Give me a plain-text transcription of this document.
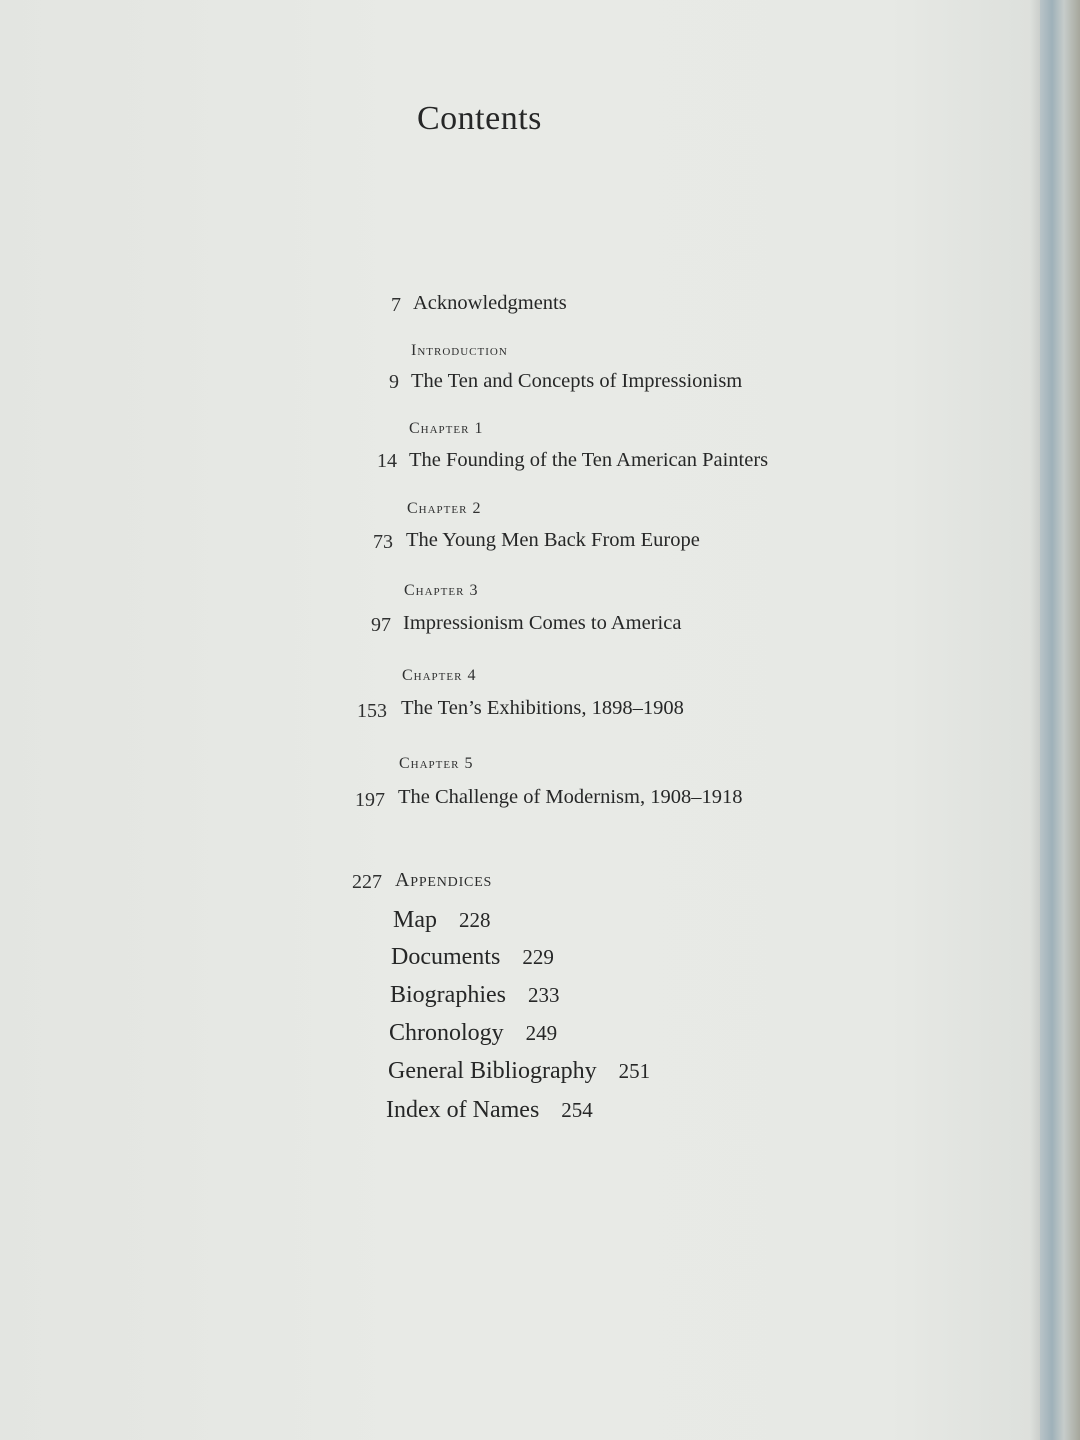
Contents
7 Acknowledgments
Introduction
9 The Ten and Concepts of Impressionism
Chapter 1
14 The Founding of the Ten American Painters
Chapter 2
73 The Young Men Back From Europe
Chapter 3
97 Impressionism Comes to America
Chapter 4
153 The Ten’s Exhibitions, 1898–1908
Chapter 5
197 The Challenge of Modernism, 1908–1918
227 Appendices
Map 228
Documents 229
Biographies 233
Chronology 249
General Bibliography 251
Index of Names 254
